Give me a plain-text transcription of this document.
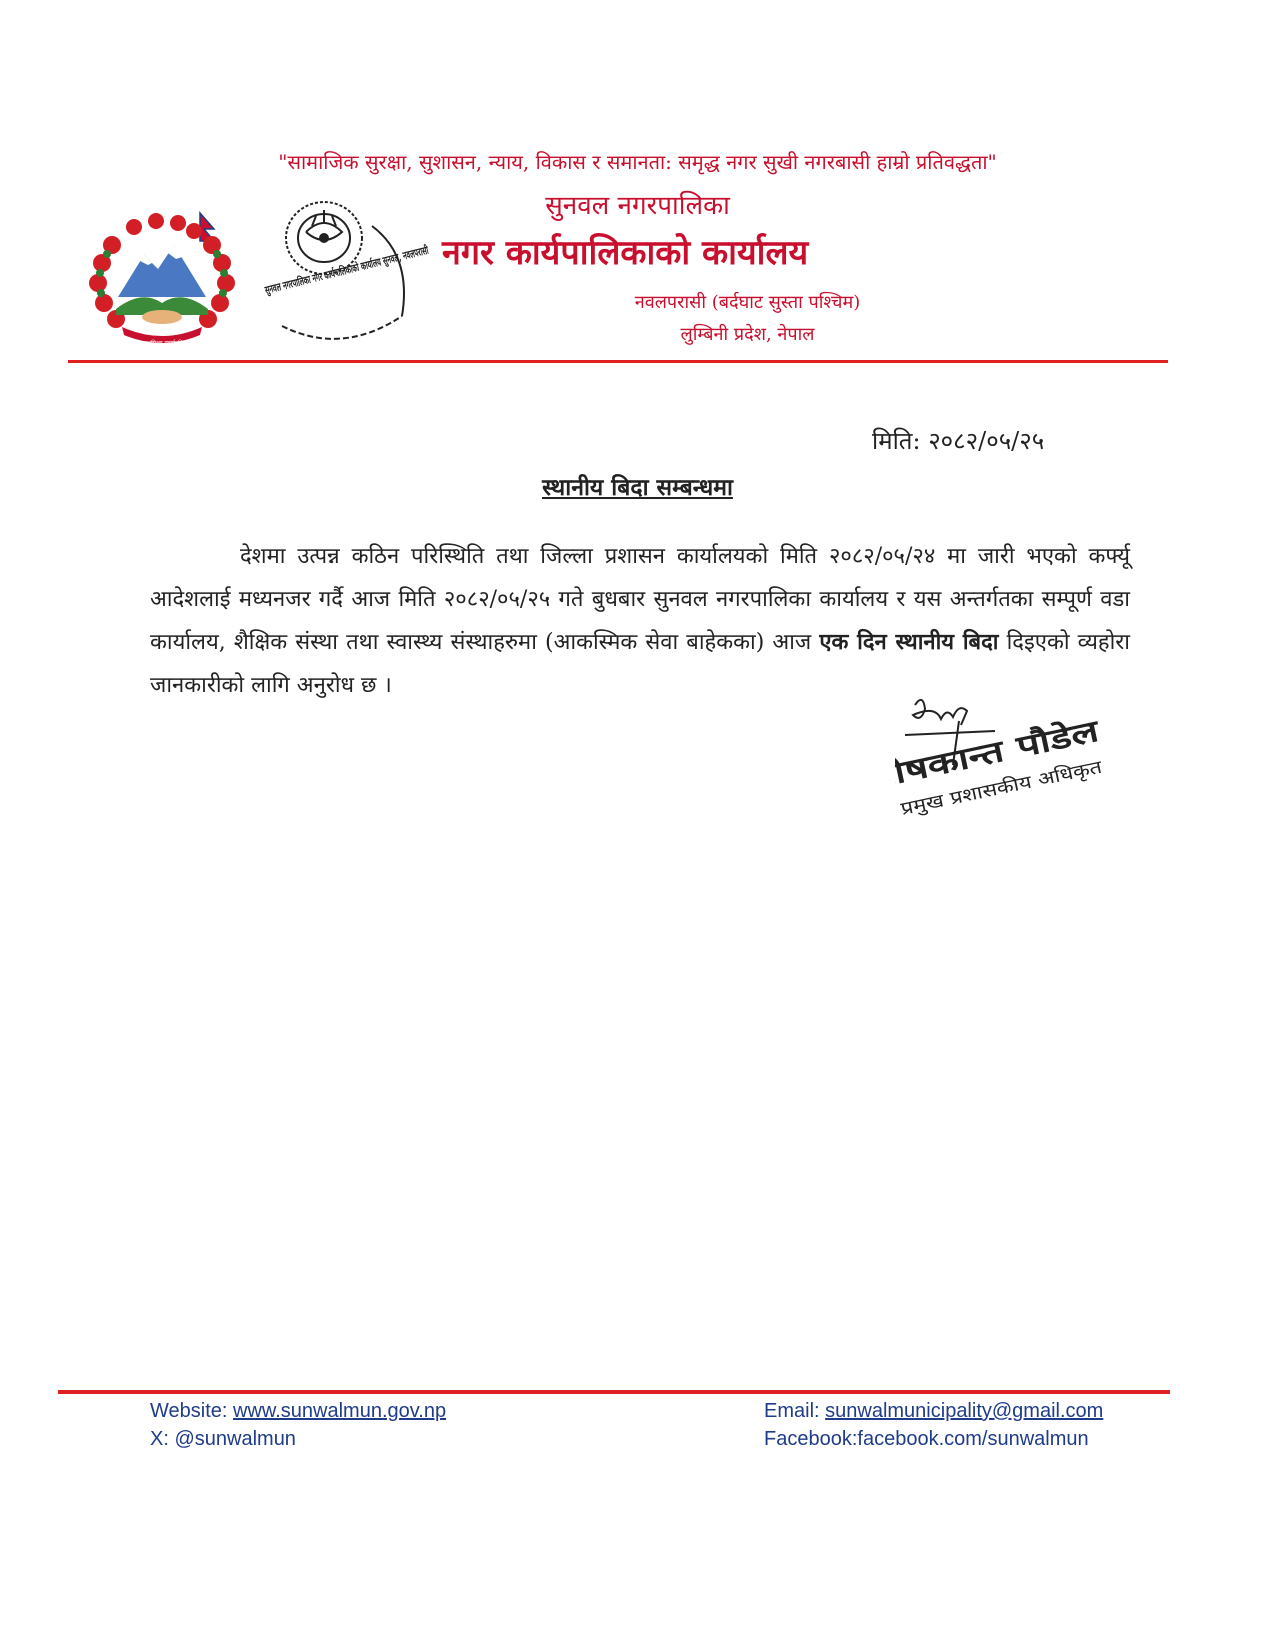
"सामाजिक सुरक्षा, सुशासन, न्याय, विकास र समानता: समृद्ध नगर सुखी नगरबासी हाम्रो प्रतिवद्धता"
सुनवल नगरपालिका
नगर कार्यपालिकाको कार्यालय
नवलपरासी (बर्दघाट सुस्ता पश्चिम)
लुम्बिनी प्रदेश, नेपाल
जननी जन्मभूमिश्च स्वर्गादपि गरीयसी
सुनवल नगरपालिका नगर कार्यपालिकाको कार्यालय
मिति: २०८२/०५/२५
स्थानीय बिदा सम्बन्धमा
देशमा उत्पन्न कठिन परिस्थिति तथा जिल्ला प्रशासन कार्यालयको मिति २०८२/०५/२४ मा जारी भएको कर्फ्यू आदेशलाई मध्यनजर गर्दै आज मिति २०८२/०५/२५ गते बुधबार सुनवल नगरपालिका कार्यालय र यस अन्तर्गतका सम्पूर्ण वडा कार्यालय, शैक्षिक संस्था तथा स्वास्थ्य संस्थाहरुमा (आकस्मिक सेवा बाहेकका) आज एक दिन स्थानीय बिदा दिइएको व्यहोरा जानकारीको लागि अनुरोध छ ।
शेषकान्त पौडेल
प्रमुख प्रशासकीय अधिकृत
Website: www.sunwalmun.gov.np
X: @sunwalmun
Email: sunwalmunicipality@gmail.com
Facebook:facebook.com/sunwalmun
